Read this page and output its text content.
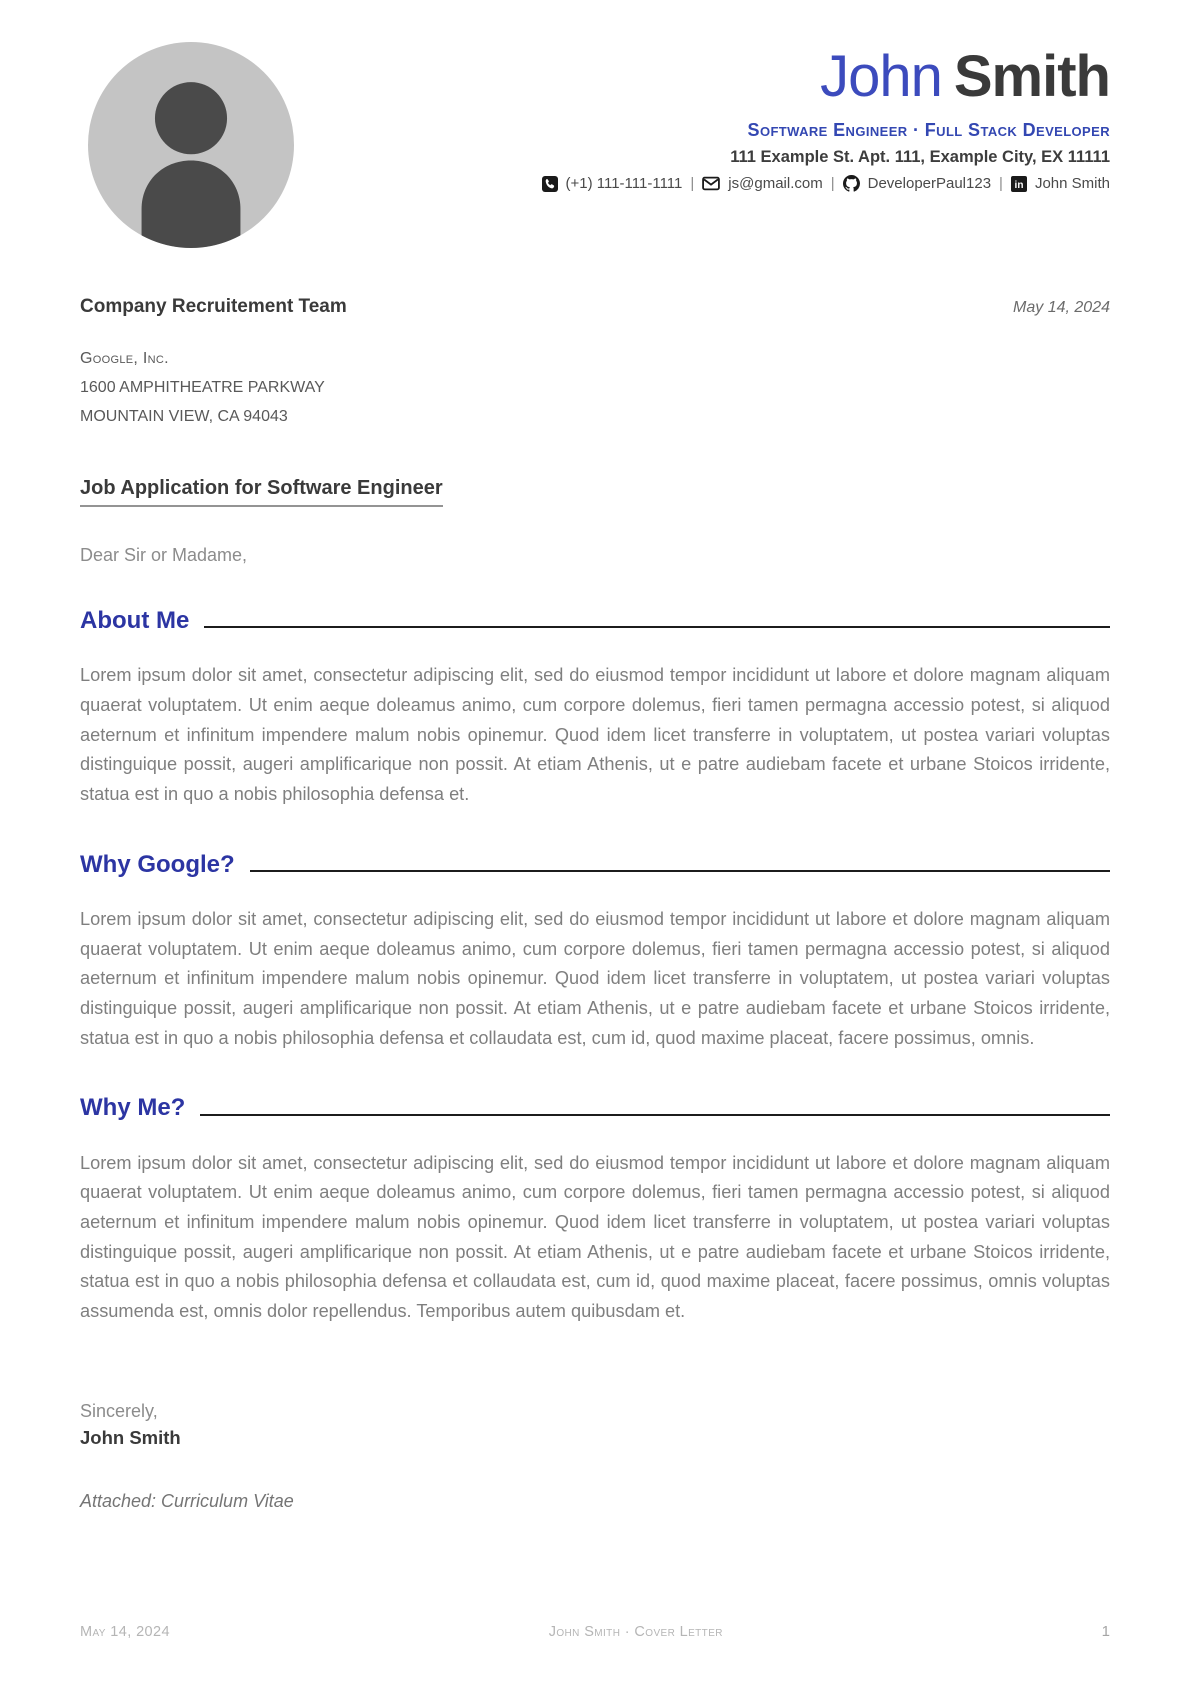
John Smith
Software Engineer · Full Stack Developer
111 Example St. Apt. 111, Example City, EX 11111
(+1) 111-111-1111 | js@gmail.com | DeveloperPaul123 | in John Smith
Company Recruitement Team	May 14, 2024
Google, Inc.
1600 AMPHITHEATRE PARKWAY
MOUNTAIN VIEW, CA 94043
Job Application for Software Engineer
Dear Sir or Madame,
About Me

Lorem ipsum dolor sit amet, consectetur adipiscing elit, sed do eiusmod tempor incididunt ut labore et dolore magnam aliquam quaerat voluptatem. Ut enim aeque doleamus animo, cum corpore dolemus, fieri tamen permagna accessio potest, si aliquod aeternum et infinitum impendere malum nobis opinemur. Quod idem licet transferre in voluptatem, ut postea variari voluptas distinguique possit, augeri amplificarique non possit. At etiam Athenis, ut e patre audiebam facete et urbane Stoicos irridente, statua est in quo a nobis philosophia defensa et.

Why Google?

Lorem ipsum dolor sit amet, consectetur adipiscing elit, sed do eiusmod tempor incididunt ut labore et dolore magnam aliquam quaerat voluptatem. Ut enim aeque doleamus animo, cum corpore dolemus, fieri tamen permagna accessio potest, si aliquod aeternum et infinitum impendere malum nobis opinemur. Quod idem licet transferre in voluptatem, ut postea variari voluptas distinguique possit, augeri amplificarique non possit. At etiam Athenis, ut e patre audiebam facete et urbane Stoicos irridente, statua est in quo a nobis philosophia defensa et collaudata est, cum id, quod maxime placeat, facere possimus, omnis.

Why Me?

Lorem ipsum dolor sit amet, consectetur adipiscing elit, sed do eiusmod tempor incididunt ut labore et dolore magnam aliquam quaerat voluptatem. Ut enim aeque doleamus animo, cum corpore dolemus, fieri tamen permagna accessio potest, si aliquod aeternum et infinitum impendere malum nobis opinemur. Quod idem licet transferre in voluptatem, ut postea variari voluptas distinguique possit, augeri amplificarique non possit. At etiam Athenis, ut e patre audiebam facete et urbane Stoicos irridente, statua est in quo a nobis philosophia defensa et collaudata est, cum id, quod maxime placeat, facere possimus, omnis voluptas assumenda est, omnis dolor repellendus. Temporibus autem quibusdam et.

Sincerely,
John Smith
Attached: Curriculum Vitae
May 14, 2024	John Smith · Cover Letter	1
